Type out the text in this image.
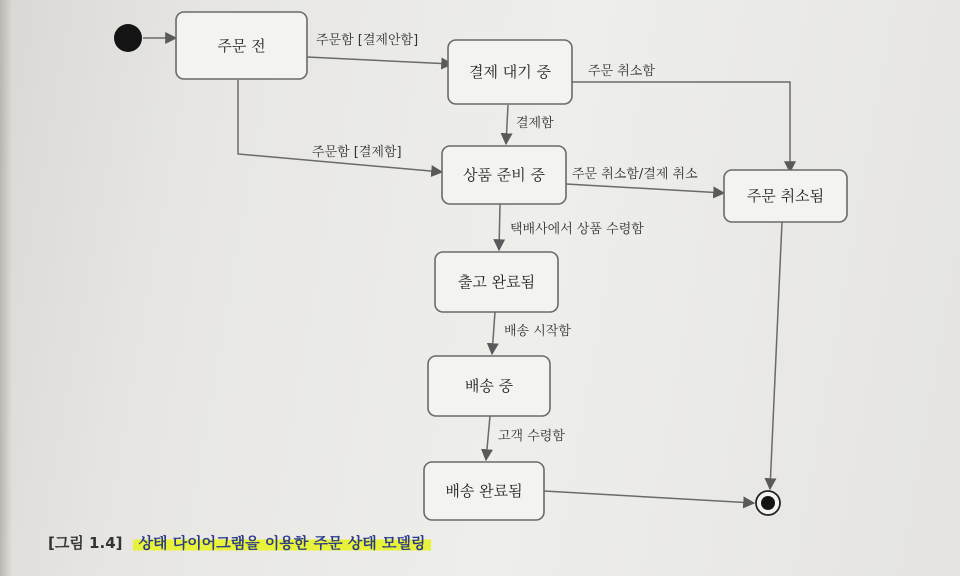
주문 전
결제 대기 중
상품 준비 중
주문 취소됨
출고 완료됨
배송 중
배송 완료됨
주문함 [결제안함]
주문함 [결제함]
주문 취소함
결제함
주문 취소함/결제 취소
택배사에서 상품 수령함
배송 시작함
고객 수령함
[그림 1.4] 상태 다이어그램을 이용한 주문 상태 모델링
